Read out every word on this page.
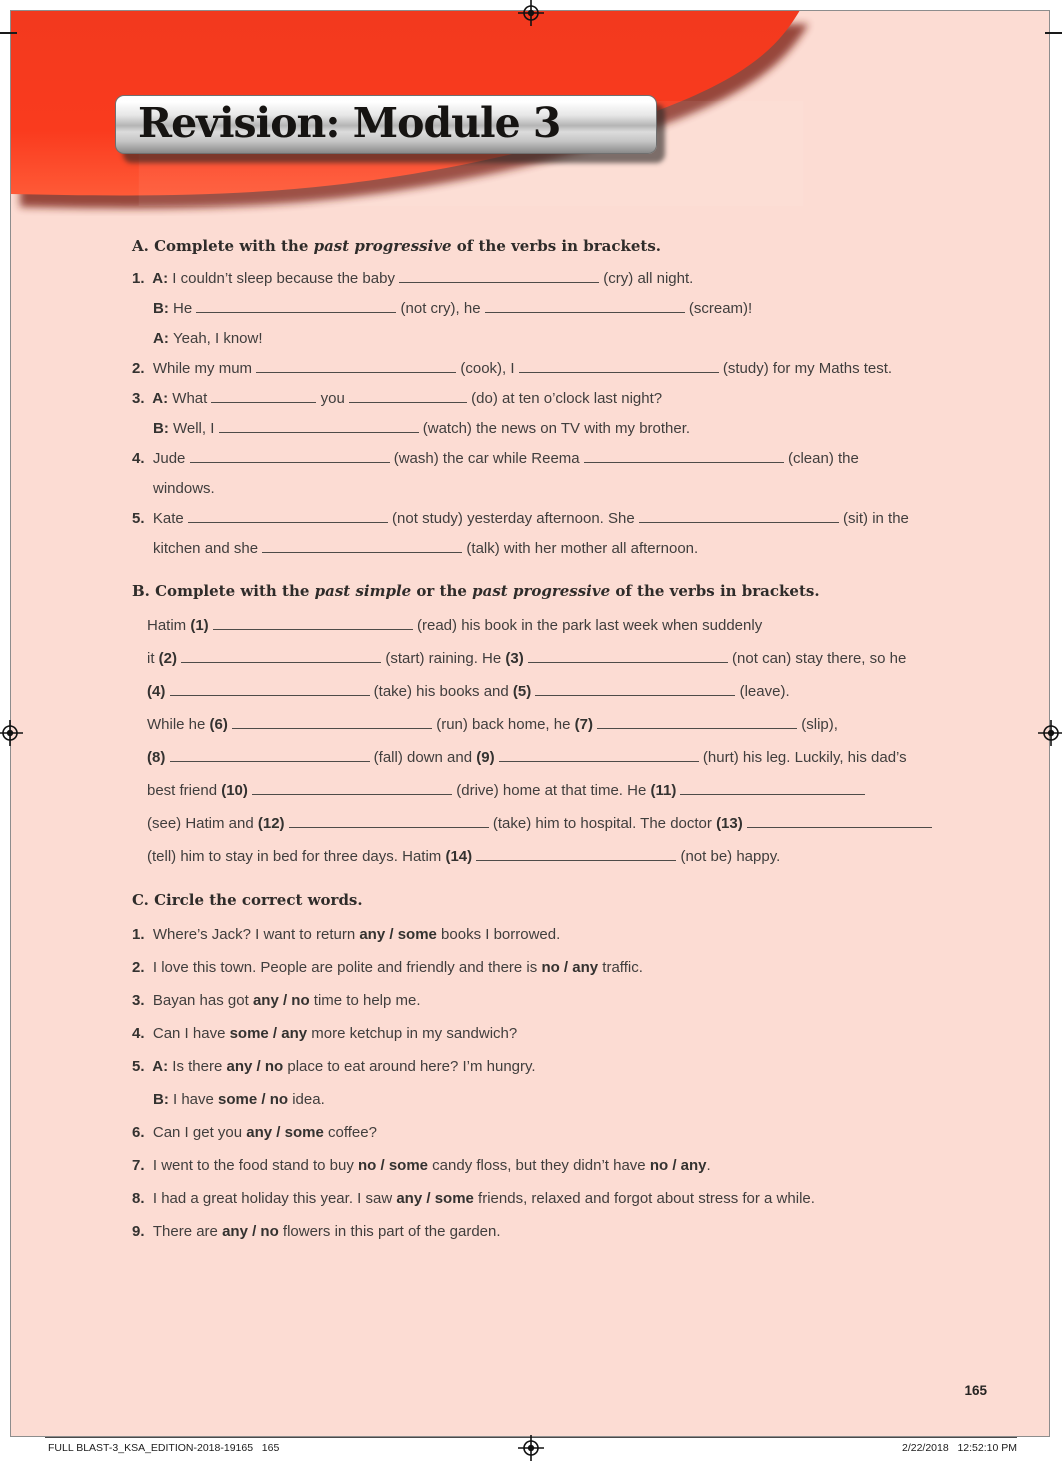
Revision: Module 3
A. Complete with the past progressive of the verbs in brackets.
1.  A: I couldn’t sleep because the baby	(cry) all night.
B: He	(not cry), he	(scream)!
A: Yeah, I know!
2.  While my mum	(cook), I	(study) for my Maths test.
3.  A: What	you	(do) at ten o’clock last night?
B: Well, I	(watch) the news on TV with my brother.
4.  Jude	(wash) the car while Reema	(clean) the
windows.
5.  Kate	(not study) yesterday afternoon. She	(sit) in the
kitchen and she	(talk) with her mother all afternoon.
B. Complete with the past simple or the past progressive of the verbs in brackets.
Hatim (1)	(read) his book in the park last week when suddenly
it (2)	(start) raining. He (3)	(not can) stay there, so he
(4)	(take) his books and (5)	(leave).
While he (6)	(run) back home, he (7)	(slip),
(8)	(fall) down and (9)	(hurt) his leg. Luckily, his dad’s
best friend (10)	(drive) home at that time. He (11)
(see) Hatim and (12)	(take) him to hospital. The doctor (13)
(tell) him to stay in bed for three days. Hatim (14)	(not be) happy.
C. Circle the correct words.
1.  Where’s Jack? I want to return any / some books I borrowed.
2.  I love this town. People are polite and friendly and there is no / any traffic.
3.  Bayan has got any / no time to help me.
4.  Can I have some / any more ketchup in my sandwich?
5.  A: Is there any / no place to eat around here? I’m hungry.
B: I have some / no idea.
6.  Can I get you any / some coffee?
7.  I went to the food stand to buy no / some candy floss, but they didn’t have no / any.
8.  I had a great holiday this year. I saw any / some friends, relaxed and forgot about stress for a while.
9.  There are any / no flowers in this part of the garden.
165
FULL BLAST-3_KSA_EDITION-2018-19165   165	2/22/2018   12:52:10 PM
